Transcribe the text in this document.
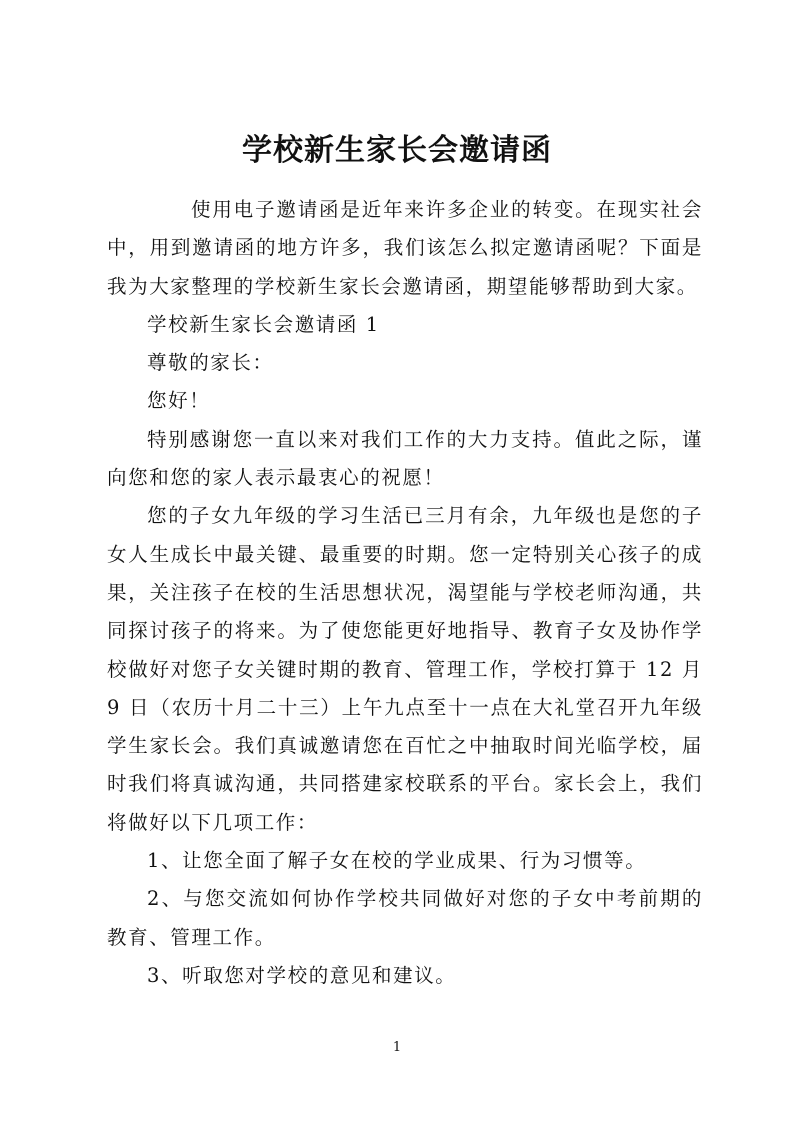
学校新生家长会邀请函

使用电子邀请函是近年来许多企业的转变。在现实社会中，用到邀请函的地方许多，我们该怎么拟定邀请函呢？下面是我为大家整理的学校新生家长会邀请函，期望能够帮助到大家。

学校新生家长会邀请函 1

尊敬的家长：

您好！

特别感谢您一直以来对我们工作的大力支持。值此之际，谨向您和您的家人表示最衷心的祝愿！

您的子女九年级的学习生活已三月有余，九年级也是您的子女人生成长中最关键、最重要的时期。您一定特别关心孩子的成果，关注孩子在校的生活思想状况，渴望能与学校老师沟通，共同探讨孩子的将来。为了使您能更好地指导、教育子女及协作学校做好对您子女关键时期的教育、管理工作，学校打算于 12 月 9 日（农历十月二十三）上午九点至十一点在大礼堂召开九年级学生家长会。我们真诚邀请您在百忙之中抽取时间光临学校，届时我们将真诚沟通，共同搭建家校联系的平台。家长会上，我们将做好以下几项工作：

1、让您全面了解子女在校的学业成果、行为习惯等。

2、与您交流如何协作学校共同做好对您的子女中考前期的教育、管理工作。

3、听取您对学校的意见和建议。

1
